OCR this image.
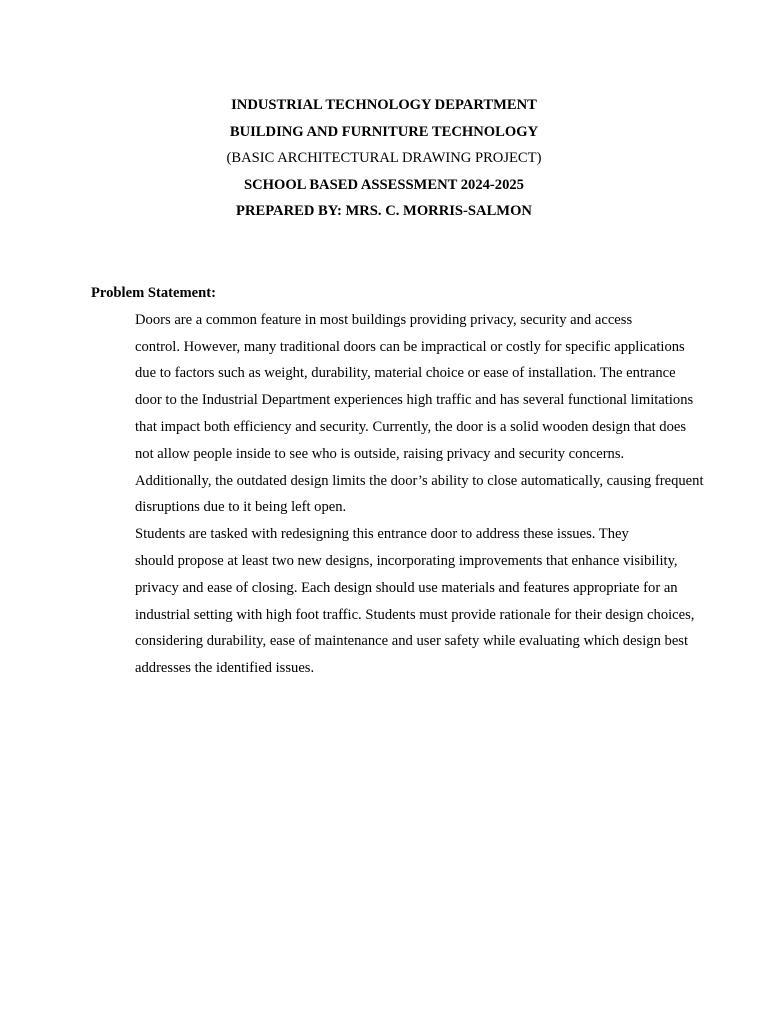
INDUSTRIAL TECHNOLOGY DEPARTMENT
BUILDING AND FURNITURE TECHNOLOGY
(BASIC ARCHITECTURAL DRAWING PROJECT)
SCHOOL BASED ASSESSMENT 2024-2025
PREPARED BY: MRS. C. MORRIS-SALMON

Problem Statement:

Doors are a common feature in most buildings providing privacy, security and access
control. However, many traditional doors can be impractical or costly for specific applications
due to factors such as weight, durability, material choice or ease of installation. The entrance
door to the Industrial Department experiences high traffic and has several functional limitations
that impact both efficiency and security. Currently, the door is a solid wooden design that does
not allow people inside to see who is outside, raising privacy and security concerns.
Additionally, the outdated design limits the door’s ability to close automatically, causing frequent
disruptions due to it being left open.

Students are tasked with redesigning this entrance door to address these issues. They
should propose at least two new designs, incorporating improvements that enhance visibility,
privacy and ease of closing. Each design should use materials and features appropriate for an
industrial setting with high foot traffic. Students must provide rationale for their design choices,
considering durability, ease of maintenance and user safety while evaluating which design best
addresses the identified issues.
